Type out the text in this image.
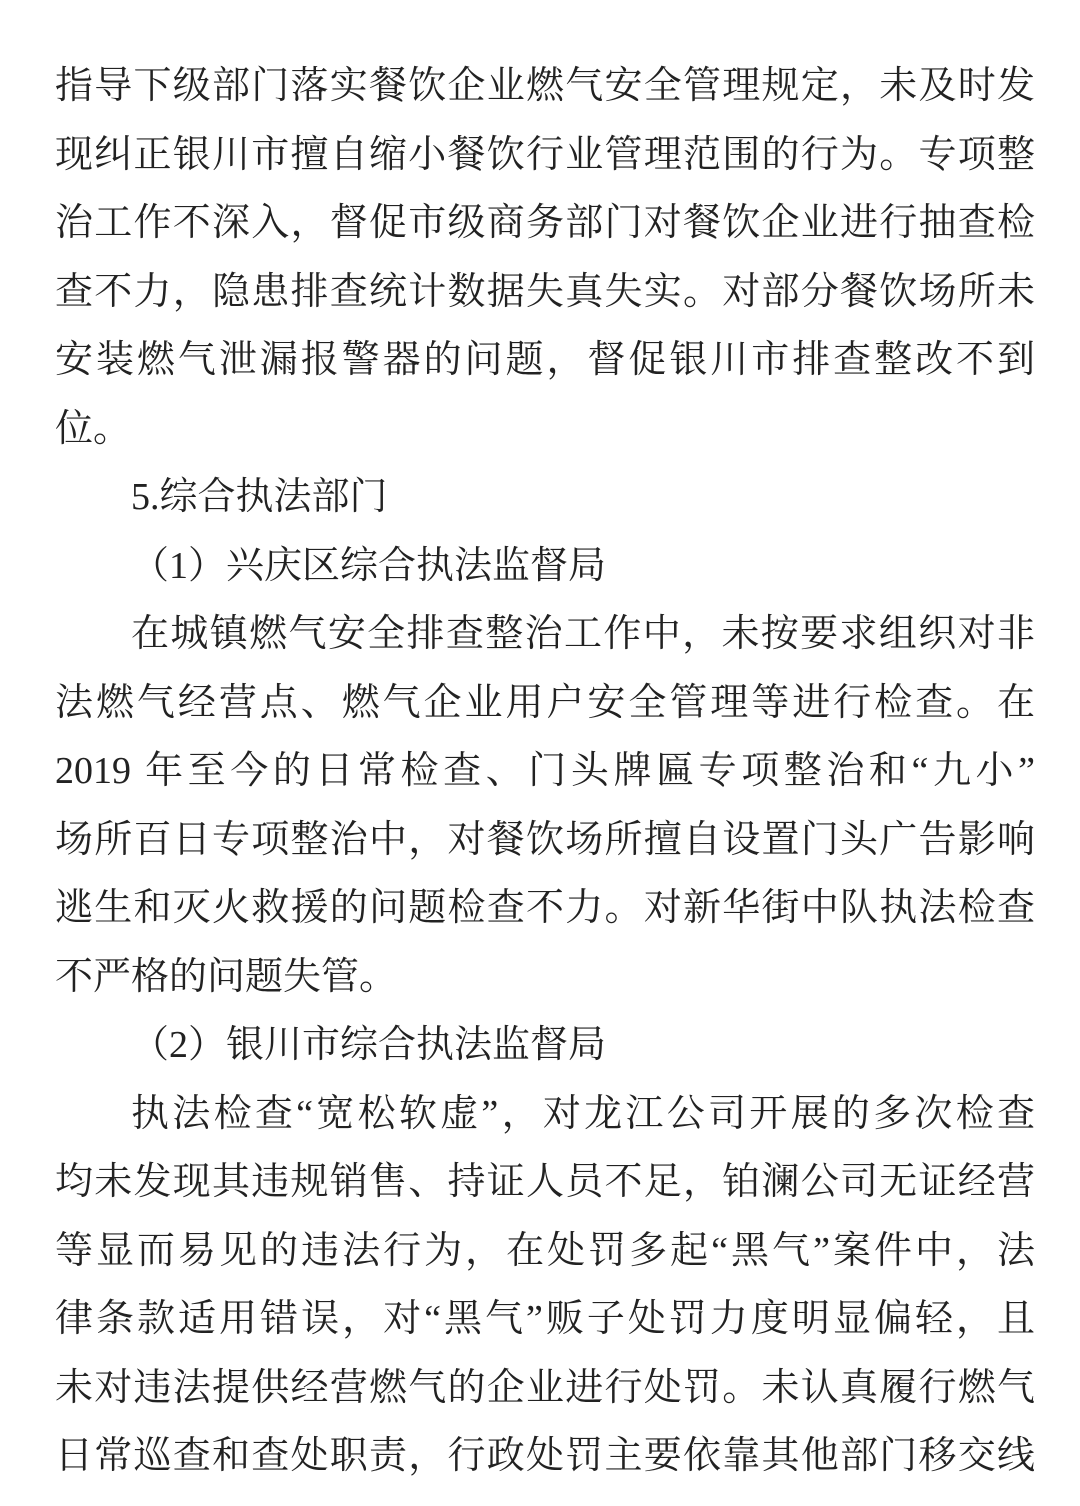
指导下级部门落实餐饮企业燃气安全管理规定，未及时发
现纠正银川市擅自缩小餐饮行业管理范围的行为。专项整
治工作不深入，督促市级商务部门对餐饮企业进行抽查检
查不力，隐患排查统计数据失真失实。对部分餐饮场所未
安装燃气泄漏报警器的问题，督促银川市排查整改不到
位。
5.综合执法部门
（1）兴庆区综合执法监督局
在城镇燃气安全排查整治工作中，未按要求组织对非
法燃气经营点、燃气企业用户安全管理等进行检查。在
2019 年至今的日常检查、门头牌匾专项整治和“九小”
场所百日专项整治中，对餐饮场所擅自设置门头广告影响
逃生和灭火救援的问题检查不力。对新华街中队执法检查
不严格的问题失管。
（2）银川市综合执法监督局
执法检查“宽松软虚”，对龙江公司开展的多次检查
均未发现其违规销售、持证人员不足，铂澜公司无证经营
等显而易见的违法行为，在处罚多起“黑气”案件中，法
律条款适用错误，对“黑气”贩子处罚力度明显偏轻，且
未对违法提供经营燃气的企业进行处罚。未认真履行燃气
日常巡查和查处职责，行政处罚主要依靠其他部门移交线
